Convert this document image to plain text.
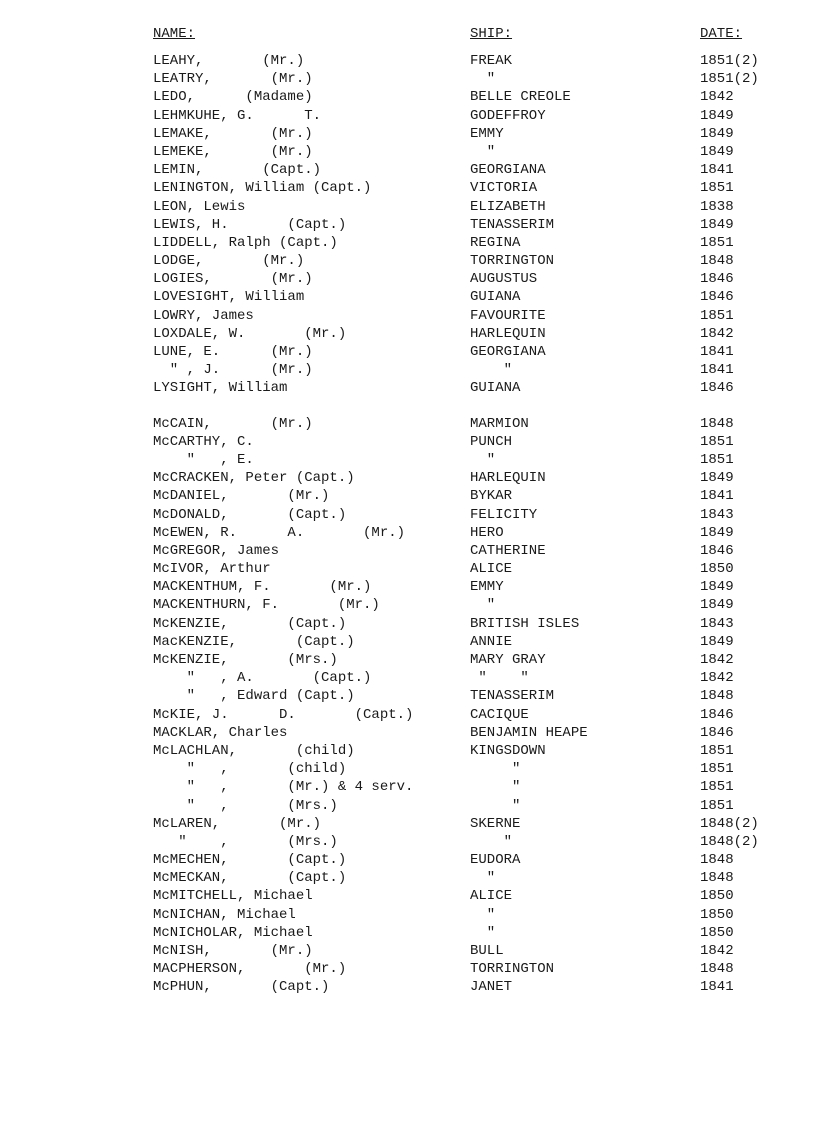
NAME:	SHIP:	DATE:
LEAHY,       (Mr.)	FREAK	1851(2)
LEATRY,       (Mr.)	"	1851(2)
LEDO,      (Madame)	BELLE CREOLE	1842
LEHMKUHE, G.      T.	GODEFFROY	1849
LEMAKE,       (Mr.)	EMMY	1849
LEMEKE,       (Mr.)	"	1849
LEMIN,       (Capt.)	GEORGIANA	1841
LENINGTON, William (Capt.)	VICTORIA	1851
LEON, Lewis	ELIZABETH	1838
LEWIS, H.       (Capt.)	TENASSERIM	1849
LIDDELL, Ralph (Capt.)	REGINA	1851
LODGE,       (Mr.)	TORRINGTON	1848
LOGIES,       (Mr.)	AUGUSTUS	1846
LOVESIGHT, William	GUIANA	1846
LOWRY, James	FAVOURITE	1851
LOXDALE, W.       (Mr.)	HARLEQUIN	1842
LUNE, E.      (Mr.)	GEORGIANA	1841
" , J.      (Mr.)	"	1841
LYSIGHT, William	GUIANA	1846
McCAIN,       (Mr.)	MARMION	1848
McCARTHY, C.	PUNCH	1851
"   , E.	"	1851
McCRACKEN, Peter (Capt.)	HARLEQUIN	1849
McDANIEL,       (Mr.)	BYKAR	1841
McDONALD,       (Capt.)	FELICITY	1843
McEWEN, R.      A.       (Mr.)	HERO	1849
McGREGOR, James	CATHERINE	1846
McIVOR, Arthur	ALICE	1850
MACKENTHUM, F.       (Mr.)	EMMY	1849
MACKENTHURN, F.       (Mr.)	"	1849
McKENZIE,       (Capt.)	BRITISH ISLES	1843
MacKENZIE,       (Capt.)	ANNIE	1849
McKENZIE,       (Mrs.)	MARY GRAY	1842
"   , A.       (Capt.)	"    "	1842
"   , Edward (Capt.)	TENASSERIM	1848
McKIE, J.      D.       (Capt.)	CACIQUE	1846
MACKLAR, Charles	BENJAMIN HEAPE	1846
McLACHLAN,       (child)	KINGSDOWN	1851
"   ,       (child)	"	1851
"   ,       (Mr.) & 4 serv.	"	1851
"   ,       (Mrs.)	"	1851
McLAREN,       (Mr.)	SKERNE	1848(2)
"    ,       (Mrs.)	"	1848(2)
McMECHEN,       (Capt.)	EUDORA	1848
McMECKAN,       (Capt.)	"	1848
McMITCHELL, Michael	ALICE	1850
McNICHAN, Michael	"	1850
McNICHOLAR, Michael	"	1850
McNISH,       (Mr.)	BULL	1842
MACPHERSON,       (Mr.)	TORRINGTON	1848
McPHUN,       (Capt.)	JANET	1841
